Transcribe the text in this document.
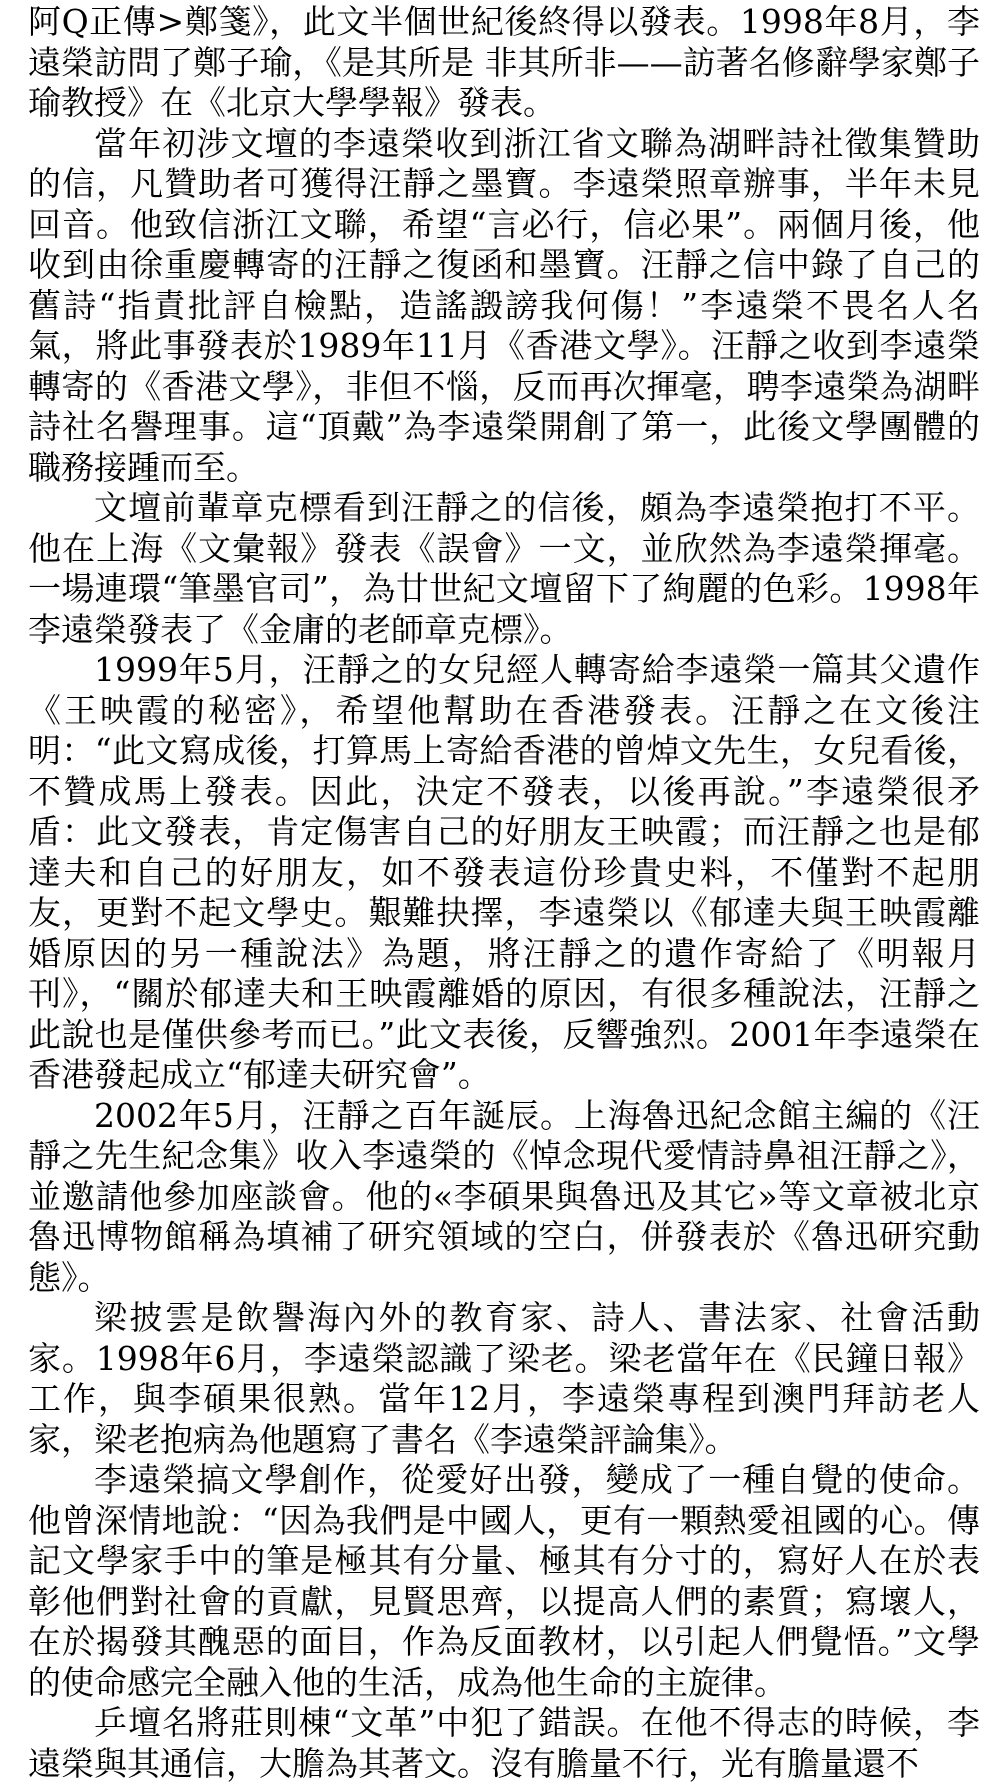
阿Q正傳>鄭箋》，此文半個世紀後終得以發表。1998年8月，李遠榮訪問了鄭子瑜，《是其所是 非其所非——訪著名修辭學家鄭子瑜教授》在《北京大學學報》發表。

當年初涉文壇的李遠榮收到浙江省文聯為湖畔詩社徵集贊助的信，凡贊助者可獲得汪靜之墨寶。李遠榮照章辦事，半年未見回音。他致信浙江文聯，希望“言必行，信必果”。兩個月後，他收到由徐重慶轉寄的汪靜之復函和墨寶。汪靜之信中錄了自己的舊詩“指責批評自檢點，造謠譭謗我何傷！”李遠榮不畏名人名氣，將此事發表於1989年11月《香港文學》。汪靜之收到李遠榮轉寄的《香港文學》，非但不惱，反而再次揮毫，聘李遠榮為湖畔詩社名譽理事。這“頂戴”為李遠榮開創了第一，此後文學團體的職務接踵而至。

文壇前輩章克標看到汪靜之的信後，頗為李遠榮抱打不平。他在上海《文彙報》發表《誤會》一文，並欣然為李遠榮揮毫。一場連環“筆墨官司”，為廿世紀文壇留下了絢麗的色彩。1998年李遠榮發表了《金庸的老師章克標》。

1999年5月，汪靜之的女兒經人轉寄給李遠榮一篇其父遺作《王映霞的秘密》，希望他幫助在香港發表。汪靜之在文後注明：“此文寫成後，打算馬上寄給香港的曾焯文先生，女兒看後，不贊成馬上發表。因此，決定不發表，以後再說。”李遠榮很矛盾：此文發表，肯定傷害自己的好朋友王映霞；而汪靜之也是郁達夫和自己的好朋友，如不發表這份珍貴史料，不僅對不起朋友，更對不起文學史。艱難抉擇，李遠榮以《郁達夫與王映霞離婚原因的另一種說法》為題，將汪靜之的遺作寄給了《明報月刊》，“關於郁達夫和王映霞離婚的原因，有很多種說法，汪靜之此說也是僅供參考而已。”此文表後，反響強烈。2001年李遠榮在香港發起成立“郁達夫研究會”。

2002年5月，汪靜之百年誕辰。上海魯迅紀念館主編的《汪靜之先生紀念集》收入李遠榮的《悼念現代愛情詩鼻祖汪靜之》，並邀請他參加座談會。他的«李碩果與魯迅及其它»等文章被北京魯迅博物館稱為填補了研究領域的空白，併發表於《魯迅研究動態》。

梁披雲是飲譽海內外的教育家、詩人、書法家、社會活動家。1998年6月，李遠榮認識了梁老。梁老當年在《民鐘日報》工作，與李碩果很熟。當年12月，李遠榮專程到澳門拜訪老人家，梁老抱病為他題寫了書名《李遠榮評論集》。

李遠榮搞文學創作，從愛好出發，變成了一種自覺的使命。他曾深情地說：“因為我們是中國人，更有一顆熱愛祖國的心。傳記文學家手中的筆是極其有分量、極其有分寸的，寫好人在於表彰他們對社會的貢獻，見賢思齊，以提高人們的素質；寫壞人，在於揭發其醜惡的面目，作為反面教材，以引起人們覺悟。”文學的使命感完全融入他的生活，成為他生命的主旋律。

乒壇名將莊則棟“文革”中犯了錯誤。在他不得志的時候，李遠榮與其通信，大膽為其著文。沒有膽量不行，光有膽量還不
